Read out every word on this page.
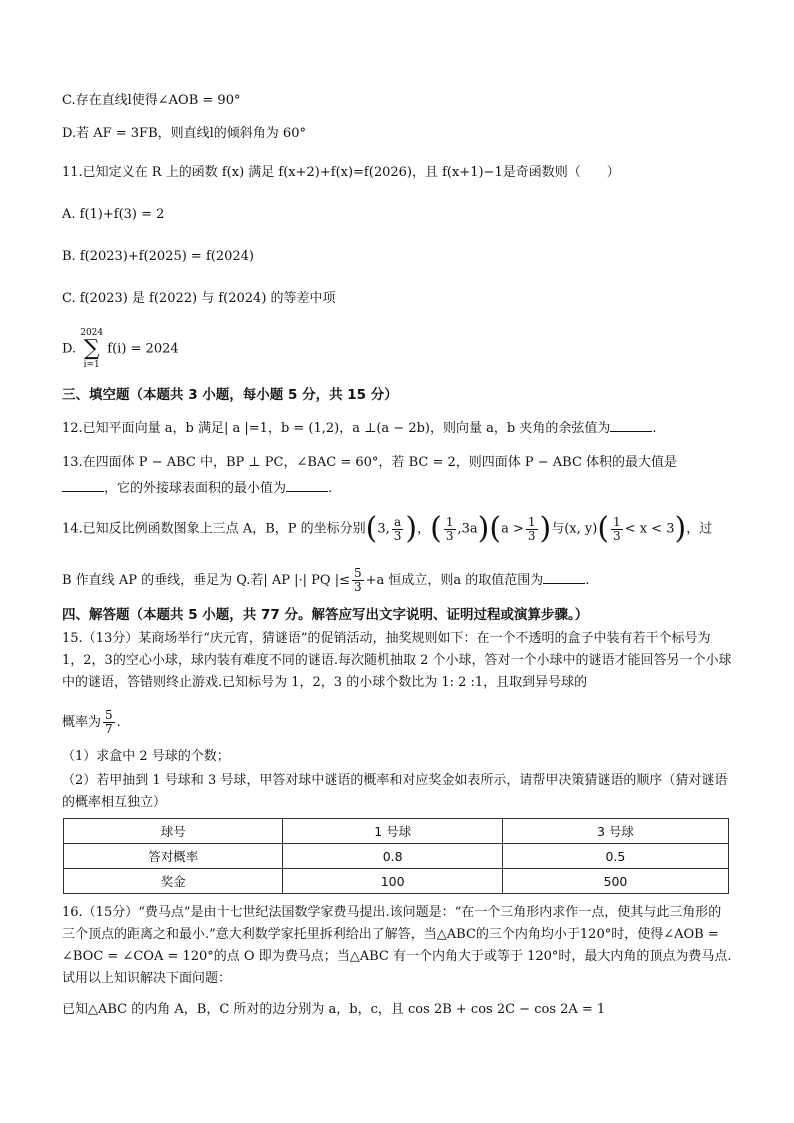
C.存在直线l使得∠AOB = 90°
D.若 AF = 3FB，则直线l的倾斜角为 60°
11.已知定义在 R 上的函数 f(x) 满足 f(x+2)+f(x)=f(2026)，且 f(x+1)−1是奇函数则（　　）
A. f(1)+f(3) = 2
B. f(2023)+f(2025) = f(2024)
C. f(2023) 是 f(2022) 与 f(2024) 的等差中项
D. 2024
∑
i=1 f(i) = 2024
三、填空题（本题共 3 小题，每小题 5 分，共 15 分）
12.已知平面向量 a，b 满足| a |=1，b = (1,2)，a ⊥(a − 2b)，则向量 a，b 夹角的余弦值为	.
13.在四面体 P − ABC 中，BP ⊥ PC，∠BAC = 60°，若 BC = 2，则四面体 P − ABC 体积的最大值是
，它的外接球表面积的最小值为	.
14.已知反比例函数图象上三点 A，B，P 的坐标分别(3, $\frac{a}{3}$ )，( $\frac{1}{3} ,3a)(a > \frac{1}{3}$ )与(x, $y)( \frac{1}{3} < x < 3)$，过
B 作直线 AP 的垂线，垂足为 Q.若| AP |·| PQ |≤ $\frac{5}{3} +a$ 恒成立，则a 的取值范围为	.
四、解答题（本题共 5 小题，共 77 分。解答应写出文字说明、证明过程或演算步骤。）
15.（13分）某商场举行“庆元宵，猜谜语”的促销活动，抽奖规则如下：在一个不透明的盒子中装有若干个标号为 1，2，3的空心小球，球内装有难度不同的谜语.每次随机抽取 2 个小球，答对一个小球中的谜语才能回答另一个小球中的谜语，答错则终止游戏.已知标号为 1，2，3 的小球个数比为 1: 2 :1，且取到异号球的
概率为 $\frac{5}{7}$ .
（1）求盒中 2 号球的个数；
（2）若甲抽到 1 号球和 3 号球，甲答对球中谜语的概率和对应奖金如表所示，请帮甲决策猜谜语的顺序（猜对谜语的概率相互独立）
球号	1 号球	3 号球
答对概率	0.8	0.5
奖金	100	500
16.（15分）“费马点”是由十七世纪法国数学家费马提出.该问题是：“在一个三角形内求作一点，使其与此三角形的三个顶点的距离之和最小.”意大利数学家托里拆利给出了解答，当△ABC的三个内角均小于120°时，使得∠AOB = ∠BOC = ∠COA = 120°的点 O 即为费马点；当△ABC 有一个内角大于或等于 120°时，最大内角的顶点为费马点.试用以上知识解决下面问题：
已知△ABC 的内角 A，B，C 所对的边分别为 a，b，c，且 cos 2B + cos 2C − cos 2A = 1
